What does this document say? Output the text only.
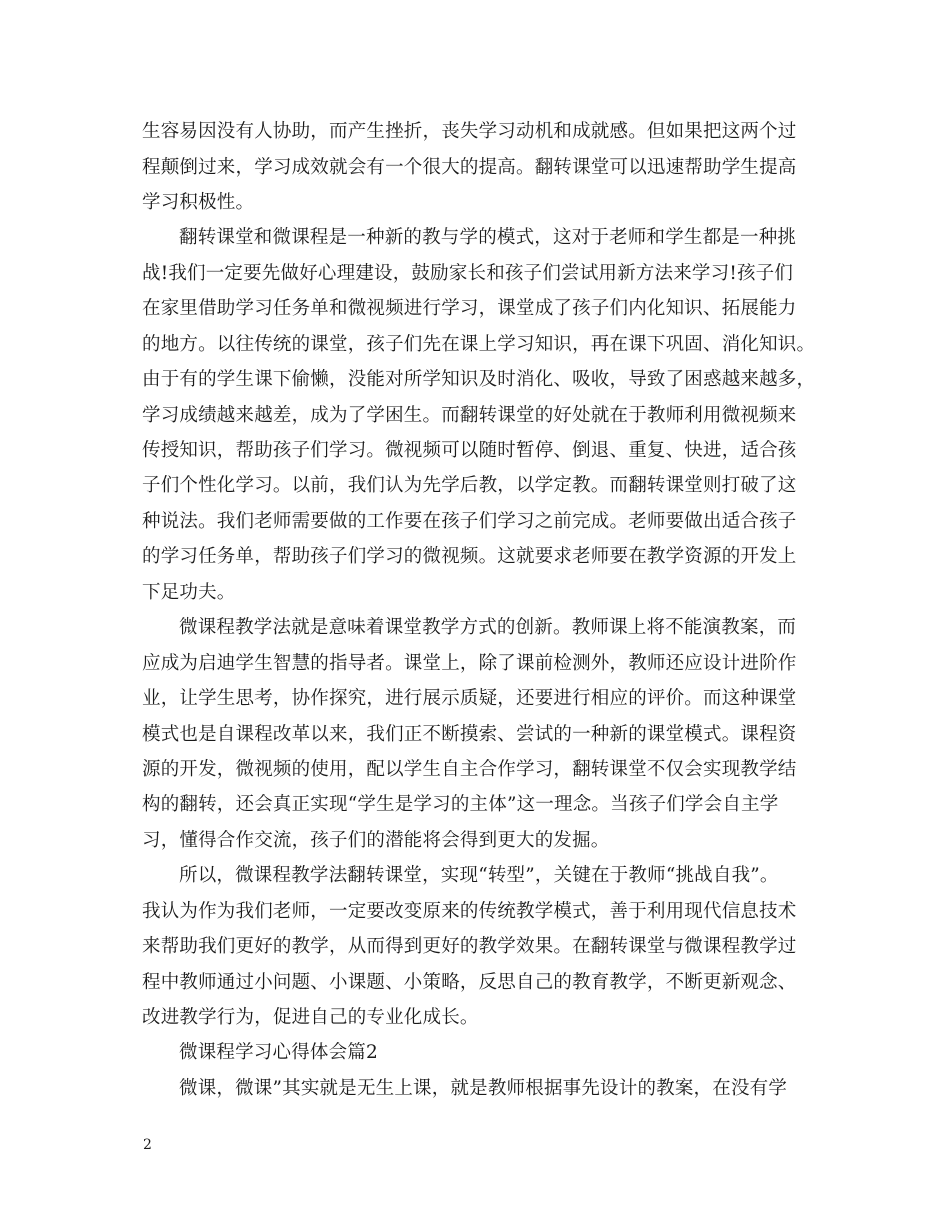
生容易因没有人协助，而产生挫折，丧失学习动机和成就感。但如果把这两个过
程颠倒过来，学习成效就会有一个很大的提高。翻转课堂可以迅速帮助学生提高
学习积极性。
翻转课堂和微课程是一种新的教与学的模式，这对于老师和学生都是一种挑
战!我们一定要先做好心理建设，鼓励家长和孩子们尝试用新方法来学习!孩子们
在家里借助学习任务单和微视频进行学习，课堂成了孩子们内化知识、拓展能力
的地方。以往传统的课堂，孩子们先在课上学习知识，再在课下巩固、消化知识。
由于有的学生课下偷懒，没能对所学知识及时消化、吸收，导致了困惑越来越多，
学习成绩越来越差，成为了学困生。而翻转课堂的好处就在于教师利用微视频来
传授知识，帮助孩子们学习。微视频可以随时暂停、倒退、重复、快进，适合孩
子们个性化学习。以前，我们认为先学后教，以学定教。而翻转课堂则打破了这
种说法。我们老师需要做的工作要在孩子们学习之前完成。老师要做出适合孩子
的学习任务单，帮助孩子们学习的微视频。这就要求老师要在教学资源的开发上
下足功夫。
微课程教学法就是意味着课堂教学方式的创新。教师课上将不能演教案，而
应成为启迪学生智慧的指导者。课堂上，除了课前检测外，教师还应设计进阶作
业，让学生思考，协作探究，进行展示质疑，还要进行相应的评价。而这种课堂
模式也是自课程改革以来，我们正不断摸索、尝试的一种新的课堂模式。课程资
源的开发，微视频的使用，配以学生自主合作学习，翻转课堂不仅会实现教学结
构的翻转，还会真正实现“学生是学习的主体”这一理念。当孩子们学会自主学
习，懂得合作交流，孩子们的潜能将会得到更大的发掘。
所以，微课程教学法翻转课堂，实现“转型”，关键在于教师“挑战自我”。
我认为作为我们老师，一定要改变原来的传统教学模式，善于利用现代信息技术
来帮助我们更好的教学，从而得到更好的教学效果。在翻转课堂与微课程教学过
程中教师通过小问题、小课题、小策略，反思自己的教育教学，不断更新观念、
改进教学行为，促进自己的专业化成长。
微课程学习心得体会篇2
微课，微课”其实就是无生上课，就是教师根据事先设计的教案，在没有学
2
